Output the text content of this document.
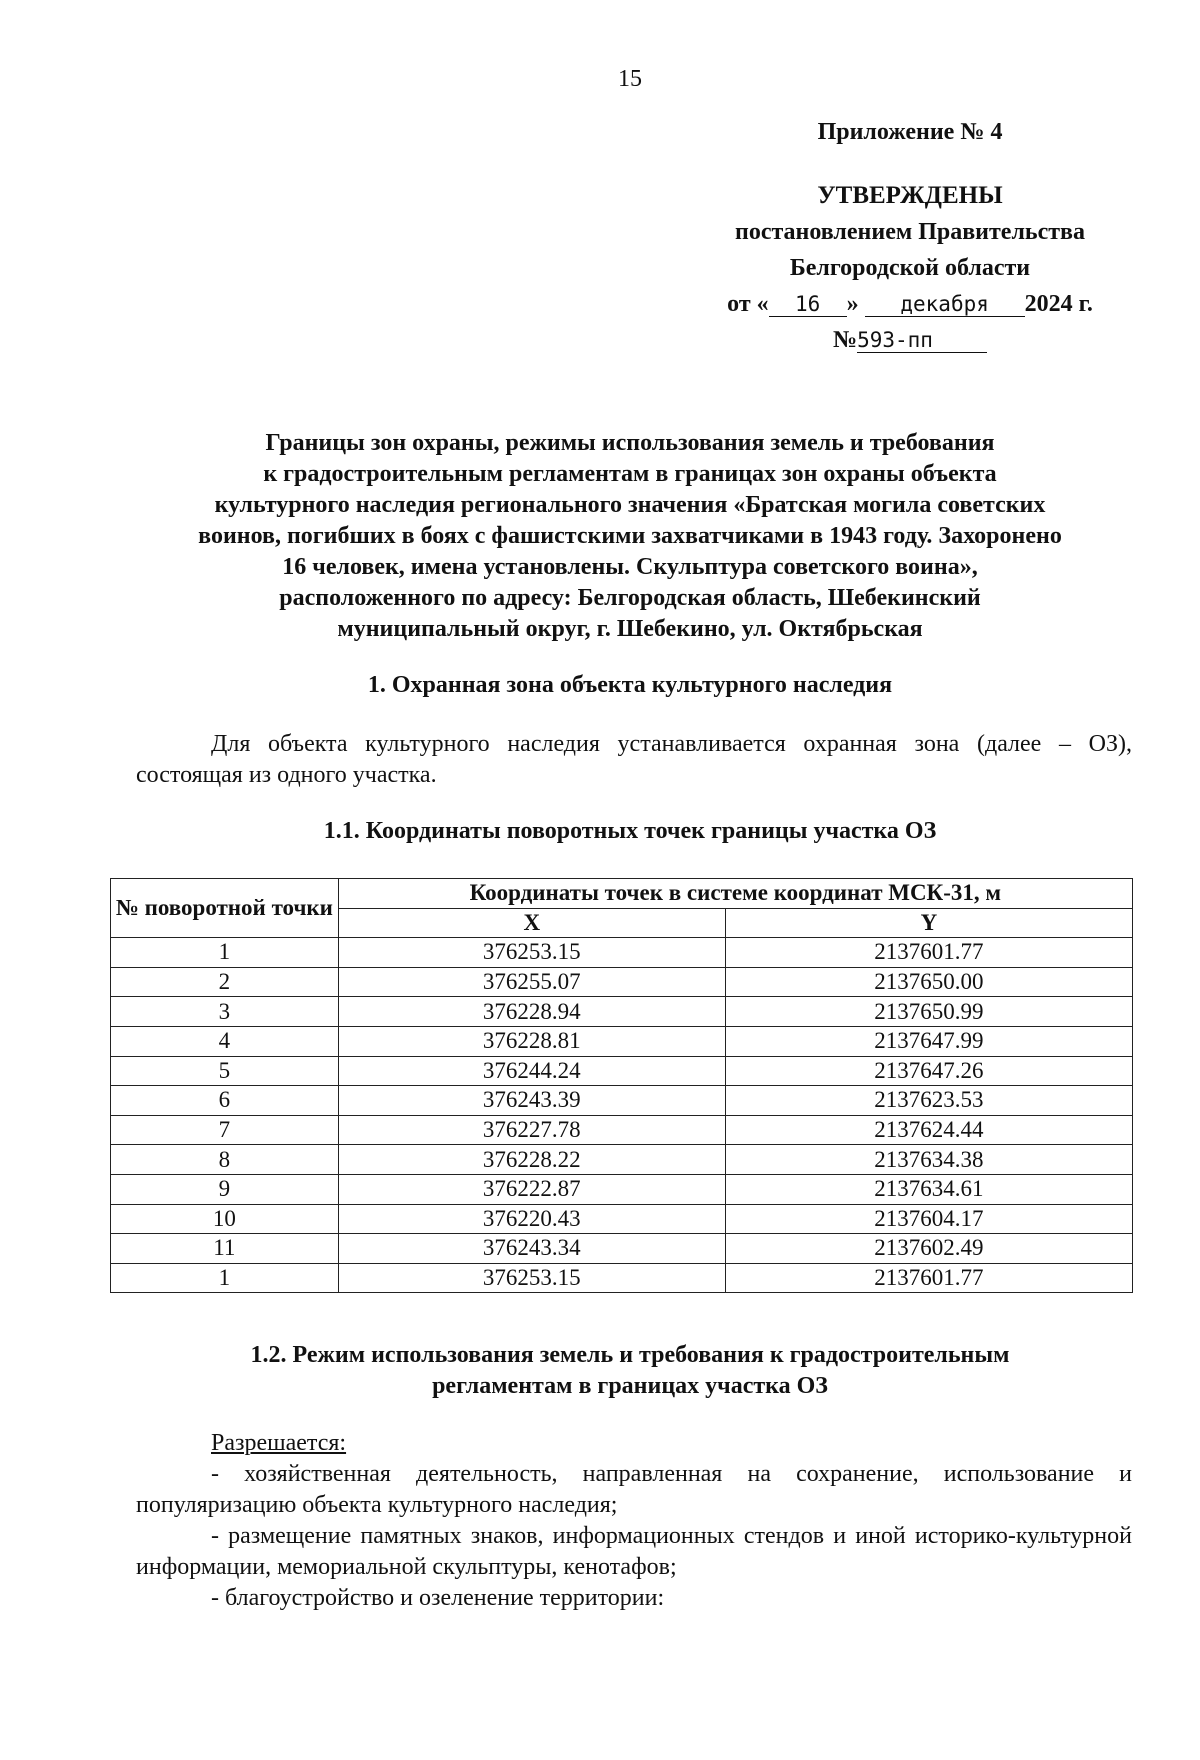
15
Приложение № 4
УТВЕРЖДЕНЫ
постановлением Правительства
Белгородской области
от « 16 » декабря 2024 г.
№593-пп
Границы зон охраны, режимы использования земель и требования
к градостроительным регламентам в границах зон охраны объекта
культурного наследия регионального значения «Братская могила советских
воинов, погибших в боях с фашистскими захватчиками в 1943 году. Захоронено
16 человек, имена установлены. Скульптура советского воина»,
расположенного по адресу: Белгородская область, Шебекинский
муниципальный округ, г. Шебекино, ул. Октябрьская
1. Охранная зона объекта культурного наследия
Для объекта культурного наследия устанавливается охранная зона (далее – ОЗ), состоящая из одного участка.
1.1. Координаты поворотных точек границы участка ОЗ
№ поворотной точки	Координаты точек в системе координат МСК-31, м	
	X	Y
1	376253.15	2137601.77
2	376255.07	2137650.00
3	376228.94	2137650.99
4	376228.81	2137647.99
5	376244.24	2137647.26
6	376243.39	2137623.53
7	376227.78	2137624.44
8	376228.22	2137634.38
9	376222.87	2137634.61
10	376220.43	2137604.17
11	376243.34	2137602.49
1	376253.15	2137601.77
1.2. Режим использования земель и требования к градостроительным
регламентам в границах участка ОЗ
Разрешается:
- хозяйственная деятельность, направленная на сохранение, использование и популяризацию объекта культурного наследия;
- размещение памятных знаков, информационных стендов и иной историко-культурной информации, мемориальной скульптуры, кенотафов;
- благоустройство и озеленение территории:
